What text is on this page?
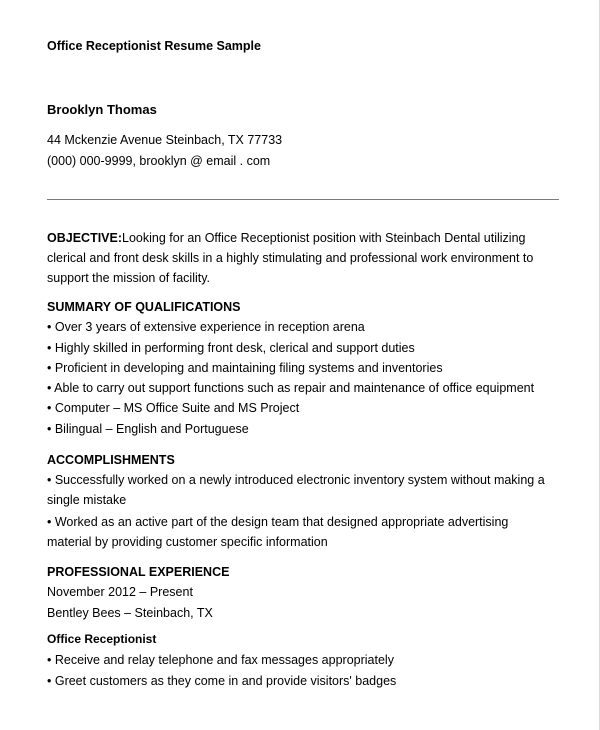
Office Receptionist Resume Sample
Brooklyn Thomas
44 Mckenzie Avenue Steinbach, TX 77733
(000) 000-9999, brooklyn @ email . com
OBJECTIVE:Looking for an Office Receptionist position with Steinbach Dental utilizing clerical and front desk skills in a highly stimulating and professional work environment to support the mission of facility.
SUMMARY OF QUALIFICATIONS
• Over 3 years of extensive experience in reception arena
• Highly skilled in performing front desk, clerical and support duties
• Proficient in developing and maintaining filing systems and inventories
• Able to carry out support functions such as repair and maintenance of office equipment
• Computer – MS Office Suite and MS Project
• Bilingual – English and Portuguese
ACCOMPLISHMENTS
• Successfully worked on a newly introduced electronic inventory system without making a single mistake
• Worked as an active part of the design team that designed appropriate advertising material by providing customer specific information
PROFESSIONAL EXPERIENCE
November 2012 – Present
Bentley Bees – Steinbach, TX
Office Receptionist
• Receive and relay telephone and fax messages appropriately
• Greet customers as they come in and provide visitors' badges
